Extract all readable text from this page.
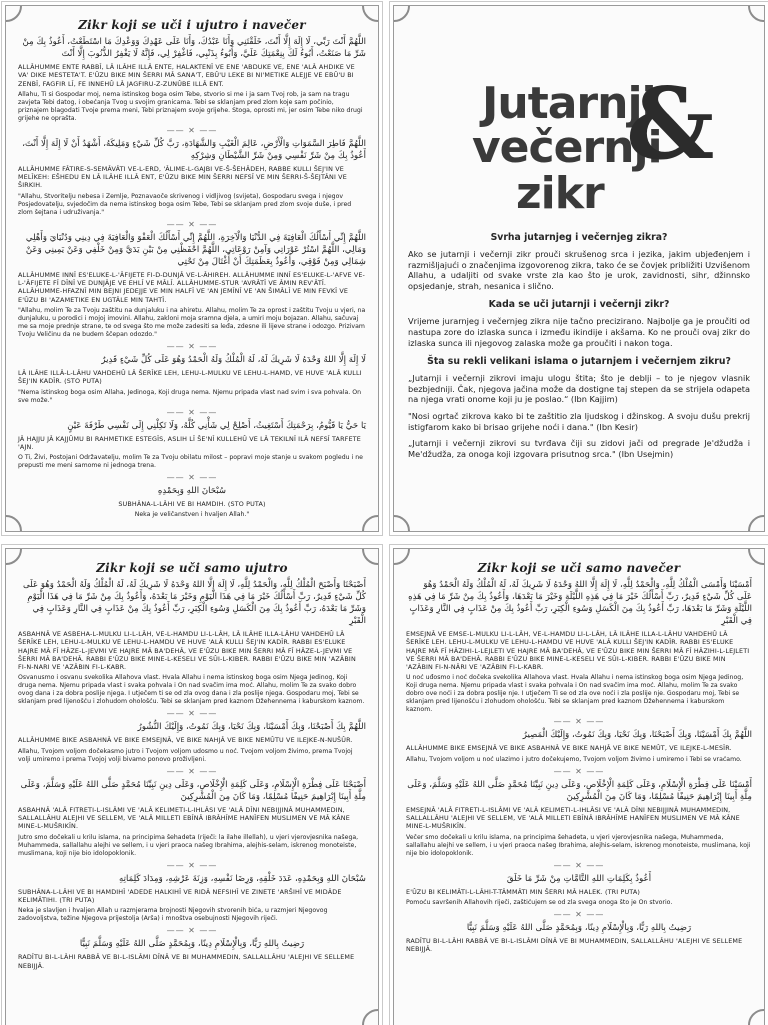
Zikr koji se uči i ujutro i navečer
اللَّهُمَّ أَنْتَ رَبِّي، لَا إِلَهَ إِلَّا أَنْتَ، خَلَقْتَنِي وَأَنَا عَبْدُكَ، وَأَنَا عَلَى عَهْدِكَ وَوَعْدِكَ مَا اسْتَطَعْتُ، أَعُوذُ بِكَ مِنْ شَرِّ مَا صَنَعْتُ، أَبُوءُ لَكَ بِنِعْمَتِكَ عَلَيَّ، وَأَبُوءُ بِذَنْبِي، فَاغْفِرْ لِي، فَإِنَّهُ لَا يَغْفِرُ الذُّنُوبَ إِلَّا أَنْتَ
ALLÂHUMME ENTE RABBÎ, LÂ ILÂHE ILLÂ ENTE, HALAKTENÎ VE ENE 'ABDUKE VE, ENE 'ALÂ AHDIKE VE VA' DIKE MESTETA'T. E'ÛZU BIKE MIN ŠERRI MÂ SANA'T, EBÛ'U LEKE BI NI'METIKE ALEJJE VE EBÛ'U BI ZENBÎ, FAGFIR LÎ, FE INNEHÛ LÂ JAGFIRU-Z-ZUNÛBE ILLÂ ENT.
Allahu, Ti si Gospodar moj, nema istinskog boga osim Tebe, stvorio si me i ja sam Tvoj rob, ja sam na tragu zavjeta Tebi datog, i obećanja Tvog u svojim granicama. Tebi se sklanjam pred zlom koje sam počinio, priznajem blagodati Tvoje prema meni, Tebi priznajem svoje grijehe. Stoga, oprosti mi, jer osim Tebe niko drugi grijehe ne oprašta.
—— ✕ ——
اللَّهُمَّ فَاطِرَ السَّمَوَاتِ وَالْأَرْضِ، عَالِمَ الْغَيْبِ وَالشَّهَادَةِ، رَبَّ كُلِّ شَيْءٍ وَمَلِيكَهُ، أَشْهَدُ أَنْ لَا إِلَهَ إِلَّا أَنْتَ، أَعُوذُ بِكَ مِنْ شَرِّ نَفْسِي وَمِنْ شَرِّ الشَّيْطَانِ وَشِرْكِهِ
ALLÂHUMME FÂTIRE-S-SEMÂVÂTI VE-L-ERD, 'ÂLIME-L-GAJBI VE-Š-ŠEHÂDEH, RABBE KULLI ŠEJ'IN VE MELÎKEH: EŠHEDU EN LÂ ILÂHE ILLÂ ENT, E'ÛZU BIKE MIN ŠERRI NEFSÎ VE MIN ŠERRI-Š-ŠEJTÂNI VE ŠIRKIH.
"Allahu, Stvoritelju nebesa i Zemlje, Poznavaoče skrivenog i vidljivog (svijeta), Gospodaru svega i njegov Posjedovatelju, svjedočim da nema istinskog boga osim Tebe, Tebi se sklanjam pred zlom svoje duše, i pred zlom šejtana i udruživanja."
—— ✕ ——
اللَّهُمَّ إِنِّي أَسْأَلُكَ الْعَافِيَةَ فِي الدُّنْيَا وَالْآخِرَةِ، اللَّهُمَّ إِنِّي أَسْأَلُكَ الْعَفْوَ وَالْعَافِيَةَ فِي دِينِي وَدُنْيَايَ وَأَهْلِي وَمَالِي، اللَّهُمَّ اسْتُرْ عَوْرَاتِي وَآمِنْ رَوْعَاتِي، اللَّهُمَّ احْفَظْنِي مِنْ بَيْنِ يَدَيَّ وَمِنْ خَلْفِي وَعَنْ يَمِينِي وَعَنْ شِمَالِي وَمِنْ فَوْقِي، وَأَعُوذُ بِعَظَمَتِكَ أَنْ أُغْتَالَ مِنْ تَحْتِي
ALLÂHUMME INNÎ ES'ELUKE-L-'ÂFIJETE FI-D-DUNJÂ VE-L-ÂHIREH. ALLÂHUMME INNÎ ES'ELUKE-L-'AFVE VE-L-'ÂFIJETE FÎ DÎNÎ VE DUNJÂJE VE EHLÎ VE MÂLÎ. ALLÂHUMME-STUR 'AVRÂTÎ VE ÂMIN REV'ÂTÎ. ALLÂHUMME-HFAZNÎ MIN BEJNI JEDEJJE VE MIN HALFÎ VE 'AN JEMÎNÎ VE 'AN ŠIMÂLÎ VE MIN FEVKÎ VE E'ÛZU BI 'AZAMETIKE EN UGTÂLE MIN TAHTÎ.
"Allahu, molim Te za Tvoju zaštitu na dunjaluku i na ahiretu. Allahu, molim Te za oprost i zaštitu Tvoju u vjeri, na dunjaluku, u porodici i mojoj imovini. Allahu, zakloni moja sramna djela, a umiri moju bojazan. Allahu, sačuvaj me sa moje prednje strane, te od svega što me može zadesiti sa leđa, zdesne ili lijeve strane i odozgo. Prizivam Tvoju Veličinu da ne budem ščepan odozdo."
—— ✕ ——
لَا إِلَهَ إِلَّا اللهُ وَحْدَهُ لَا شَرِيكَ لَهُ، لَهُ الْمُلْكُ وَلَهُ الْحَمْدُ وَهُوَ عَلَى كُلِّ شَيْءٍ قَدِيرٌ
LÂ ILÂHE ILLÂ-L-LÂHU VAHDEHÛ LÂ ŠERÎKE LEH, LEHU-L-MULKU VE LEHU-L-HAMD, VE HUVE 'ALÂ KULLI ŠEJ'IN KADÎR. (STO PUTA)
"Nema istinskog boga osim Allaha, Jedinoga, Koji druga nema. Njemu pripada vlast nad svim i sva pohvala. On sve može."
—— ✕ ——
يَا حَيُّ يَا قَيُّومُ، بِرَحْمَتِكَ أَسْتَغِيثُ، أَصْلِحْ لِي شَأْنِي كُلَّهُ، وَلَا تَكِلْنِي إِلَى نَفْسِي طَرْفَةَ عَيْنٍ
JÂ HAJJU JÂ KAJJÛMU BI RAHMETIKE ESTEGÎS, ASLIH LÎ ŠE'NÎ KULLEHÛ VE LÂ TEKILNÎ ILÂ NEFSÎ TARFETE 'AJN.
O Ti, Živi, Postojani Održavatelju, molim Te za Tvoju obilatu milost – popravi moje stanje u svakom pogledu i ne prepusti me meni samome ni jednoga trena.
—— ✕ ——
سُبْحَانَ اللهِ وَبِحَمْدِهِ
SUBHÂNA-L-LÂHI VE BI HAMDIH. (STO PUTA)
Neka je veličanstven i hvaljen Allah."
Jutarnji
večernji
zikr
&
Svrha jutarnjeg i večernjeg zikra?
Ako se jutarnji i večernji zikr prouči skrušenog srca i jezika, jakim ubjeđenjem i razmišljajući o značenjima izgovorenog zikra, tako će se čovjek približiti Uzvišenom Allahu, a udaljiti od svake vrste zla kao što je urok, zavidnosti, sihr, džinnsko opsjedanje, strah, nesanica i slično.
Kada se uči jutarnji i večernji zikr?
Vrijeme jurarnjeg i večernjeg zikra nije tačno precizirano. Najbolje ga je proučiti od nastupa zore do izlaska sunca i između ikindije i akšama. Ko ne prouči ovaj zikr do izlaska sunca ili njegovog zalaska može ga proučiti i nakon toga.
Šta su rekli velikani islama o jutarnjem i večernjem zikru?
„Jutarnji i večernji zikrovi imaju ulogu štita; što je deblji – to je njegov vlasnik bezbjedniji. Čak, njegova jačina može da dostigne taj stepen da se strijela odapeta na njega vrati onome koji ju je poslao.“ (Ibn Kajjim)
"Nosi ogrtač zikrova kako bi te zaštitio zla ljudskog i džinskog. A svoju dušu prekrij istigfarom kako bi brisao grijehe noći i dana." (Ibn Kesir)
„Jutarnji i večernji zikrovi su tvrđava čiji su zidovi jači od pregrade Je'džudža i Me'džudža, za onoga koji izgovara prisutnog srca." (Ibn Usejmin)
Zikr koji se uči samo ujutro
أَصْبَحْنَا وَأَصْبَحَ الْمُلْكُ لِلَّهِ، وَالْحَمْدُ لِلَّهِ، لَا إِلَهَ إِلَّا اللهُ وَحْدَهُ لَا شَرِيكَ لَهُ، لَهُ الْمُلْكُ وَلَهُ الْحَمْدُ وَهُوَ عَلَى كُلِّ شَيْءٍ قَدِيرٌ، رَبِّ أَسْأَلُكَ خَيْرَ مَا فِي هَذَا الْيَوْمِ وَخَيْرَ مَا بَعْدَهُ، وَأَعُوذُ بِكَ مِنْ شَرِّ مَا فِي هَذَا الْيَوْمِ وَشَرِّ مَا بَعْدَهُ، رَبِّ أَعُوذُ بِكَ مِنَ الْكَسَلِ وَسُوءِ الْكِبَرِ، رَبِّ أَعُوذُ بِكَ مِنْ عَذَابٍ فِي النَّارِ وَعَذَابٍ فِي الْقَبْرِ
ASBAHNÂ VE ASBEHA-L-MULKU LI-L-LÂH, VE-L-HAMDU LI-L-LÂH, LÂ ILÂHE ILLA-LÂHU VAHDEHÛ LÂ ŠERÎKE LEH, LEHU-L-MULKU VE LEHU-L-HAMDU VE HUVE 'ALÂ KULLI ŠEJ'IN KADÎR. RABBI ES'ELUKE HAJRE MÂ FÎ HÂZE-L-JEVMI VE HAJRE MÂ BA'DEHÂ, VE E'ÛZU BIKE MIN ŠERRI MÂ FÎ HÂZE-L-JEVMI VE ŠERRI MÂ BA'DEHÂ. RABBI E'ÛZU BIKE MINE-L-KESELI VE SÛI-L-KIBER. RABBI E'ÛZU BIKE MIN 'AZÂBIN FI-N-NARI VE 'AZÂBIN FI-L-KABR.
Osvanusmo i osvanu svekolika Allahova vlast. Hvala Allahu i nema istinskog boga osim Njega Jedinog, Koji druga nema. Njemu pripada vlast i svaka pohvala i On nad svačim ima moć. Allahu, molim Te za svako dobro ovog dana i za dobra poslije njega. I utječem ti se od zla ovog dana i zla poslije njega. Gospodaru moj, Tebi se sklanjam pred lijenošću i zlohudom ohološću. Tebi se sklanjam pred kaznom Džehennema i kaburskom kaznom.
—— ✕ ——
اللَّهُمَّ بِكَ أَصْبَحْنَا، وَبِكَ أَمْسَيْنَا، وَبِكَ نَحْيَا، وَبِكَ نَمُوتُ، وَإِلَيْكَ النُّشُورُ
ALLÂHUMME BIKE ASBAHNÂ VE BIKE EMSEJNÂ, VE BIKE NAHJÂ VE BIKE NEMÛTU VE ILEJKE-N-NUŠÛR.
Allahu, Tvojom voljom dočekasmo jutro i Tvojom voljom udosmo u noć. Tvojom voljom živimo, prema Tvojoj volji umiremo i prema Tvojoj volji bivamo ponovo proživljeni.
—— ✕ ——
أَصْبَحْنَا عَلَى فِطْرَةِ الْإِسْلَامِ، وَعَلَى كَلِمَةِ الْإِخْلَاصِ، وَعَلَى دِينِ نَبِيِّنَا مُحَمَّدٍ صَلَّى اللهُ عَلَيْهِ وَسَلَّمَ، وَعَلَى مِلَّةِ أَبِينَا إِبْرَاهِيمَ حَنِيفًا مُسْلِمًا، وَمَا كَانَ مِنَ الْمُشْرِكِينَ
ASBAHNÂ 'ALÂ FITRETI-L-ISLÂMI VE 'ALÂ KELIMETI-L-IHLÂSI VE 'ALÂ DÎNI NEBIJJINÂ MUHAMMEDIN, SALLALLÂHU ALEJHI VE SELLEM, VE 'ALÂ MILLETI EBÎNÂ IBRÂHÎME HANÎFEN MUSLIMEN VE MÂ KÂNE MINE-L-MUŠRIKÎN.
Jutro smo dočekali u krilu islama, na principima šehadeta (riječi: la ilahe illellah), u vjeri vjerovjesnika našega, Muhammeda, sallallahu alejhi ve sellem, i u vjeri praoca našeg Ibrahima, alejhis-selam, iskrenog monoteiste, muslimana, koji nije bio idolopoklonik.
—— ✕ ——
سُبْحَانَ اللهِ وَبِحَمْدِهِ، عَدَدَ خَلْقِهِ، وَرِضَا نَفْسِهِ، وَزِنَةَ عَرْشِهِ، وَمِدَادَ كَلِمَاتِهِ
SUBHÂNA-L-LÂHI VE BI HAMDIHÎ 'ADEDE HALKIHÎ VE RIDÂ NEFSIHÎ VE ZINETE 'ARŠIHÎ VE MIDÂDE KELIMÂTIHI. (TRI PUTA)
Neka je slavljen i hvaljen Allah u razmjerama brojnosti Njegovih stvorenih bića, u razmjeri Njegovog zadovoljstva, težine Njegova prijestolja (Arša) i mnoštva osebujnosti Njegovih riječi.
—— ✕ ——
رَضِيتُ بِاللهِ رَبًّا، وَبِالْإِسْلَامِ دِينًا، وَبِمُحَمَّدٍ صَلَّى اللهُ عَلَيْهِ وَسَلَّمَ نَبِيًّا
RADÎTU BI-L-LÂHI RABBÂ VE BI-L-ISLÂMI DÎNÂ VE BI MUHAMMEDIN, SALLALLÂHU 'ALEJHI VE SELLEME NEBIJJÂ.
Zikr koji se uči samo navečer
أَمْسَيْنَا وَأَمْسَى الْمُلْكُ لِلَّهِ، وَالْحَمْدُ لِلَّهِ، لَا إِلَهَ إِلَّا اللهُ وَحْدَهُ لَا شَرِيكَ لَهُ، لَهُ الْمُلْكُ وَلَهُ الْحَمْدُ وَهُوَ عَلَى كُلِّ شَيْءٍ قَدِيرٌ، رَبِّ أَسْأَلُكَ خَيْرَ مَا فِي هَذِهِ اللَّيْلَةِ وَخَيْرَ مَا بَعْدَهَا، وَأَعُوذُ بِكَ مِنْ شَرِّ مَا فِي هَذِهِ اللَّيْلَةِ وَشَرِّ مَا بَعْدَهَا، رَبِّ أَعُوذُ بِكَ مِنَ الْكَسَلِ وَسُوءِ الْكِبَرِ، رَبِّ أَعُوذُ بِكَ مِنْ عَذَابٍ فِي النَّارِ وَعَذَابٍ فِي الْقَبْرِ
EMSEJNÂ VE EMSE-L-MULKU LI-L-LÂH, VE-L-HAMDU LI-L-LÂH, LÂ ILÂHE ILLA-L-LÂHU VAHDEHÛ LÂ ŠERÎKE LEH. LEHU-L-MULKU VE LEHU-L-HAMDU VE HUVE 'ALÂ KULLI ŠEJ'IN KADÎR. RABBI ES'ELUKE HAJRE MÂ FÎ HÂZIHI-L-LEJLETI VE HAJRE MÂ BA'DEHÂ, VE E'ÛZU BIKE MIN ŠERRI MÂ FÎ HÂZIHI-L-LEJLETI VE ŠERRI MÂ BA'DEHÂ. RABBI E'ÛZU BIKE MINE-L-KESELI VE SÛI-L-KIBER. RABBI E'ÛZU BIKE MIN 'AZÂBIN FI-N-NÂRI VE 'AZÂBIN FI-L-KABR.
U noć uđosmo i noć dočeka svekolika Allahova vlast. Hvala Allahu i nema istinskog boga osim Njega Jedinog, Koji druga nema. Njemu pripada vlast i svaka pohvala i On nad svačim ima moć. Allahu, molim Te za svako dobro ove noći i za dobra poslije nje. I utječem Ti se od zla ove noći i zla poslije nje. Gospodaru moj, Tebi se sklanjam pred lijenošću i zlohudom ohološću. Tebi se sklanjam pred kaznom Džehennema i kaburskom kaznom.
—— ✕ ——
اللَّهُمَّ بِكَ أَمْسَيْنَا، وَبِكَ أَصْبَحْنَا، وَبِكَ نَحْيَا، وَبِكَ نَمُوتُ، وَإِلَيْكَ الْمَصِيرُ
ALLÂHUMME BIKE EMSEJNÂ VE BIKE ASBAHNÂ VE BIKE NAHJÂ VE BIKE NEMÛT, VE ILEJKE-L-MESÎR.
Allahu, Tvojom voljom u noć ulazimo i jutro dočekujemo, Tvojom voljom živimo i umiremo i Tebi se vraćamo.
—— ✕ ——
أَمْسَيْنَا عَلَى فِطْرَةِ الْإِسْلَامِ، وَعَلَى كَلِمَةِ الْإِخْلَاصِ، وَعَلَى دِينِ نَبِيِّنَا مُحَمَّدٍ صَلَّى اللهُ عَلَيْهِ وَسَلَّمَ، وَعَلَى مِلَّةِ أَبِينَا إِبْرَاهِيمَ حَنِيفًا مُسْلِمًا، وَمَا كَانَ مِنَ الْمُشْرِكِينَ
EMSEJNÂ 'ALÂ FITRETI-L-ISLÂMI VE 'ALÂ KELIMETI-L-IHLÂSI VE 'ALÂ DÎNI NEBIJJINÂ MUHAMMEDIN, SALLALLÂHU 'ALEJHI VE SELLEM, VE 'ALÂ MILLETI EBÎNÂ IBRÂHÎME HANÎFEN MUSLIMEN VE MÂ KÂNE MINE-L-MUŠRIKÎN.
Večer smo dočekali u krilu islama, na principima šehadeta, u vjeri vjerovjesnika našega, Muhammeda, sallallahu alejhi ve sellem, i u vjeri praoca našeg Ibrahima, alejhis-selam, iskrenog monoteiste, muslimana, koji nije bio idolopoklonik.
—— ✕ ——
أَعُوذُ بِكَلِمَاتِ اللهِ التَّامَّاتِ مِنْ شَرِّ مَا خَلَقَ
E'ÛZU BI KELIMÂTI-L-LÂHI-T-TÂMMÂTI MIN ŠERRI MÂ HALEK. (TRI PUTA)
Pomoću savršenih Allahovih riječi, zaštićujem se od zla svega onoga što je On stvorio.
—— ✕ ——
رَضِيتُ بِاللهِ رَبًّا، وَبِالْإِسْلَامِ دِينًا، وَبِمُحَمَّدٍ صَلَّى اللهُ عَلَيْهِ وَسَلَّمَ نَبِيًّا
RADÎTU BI-L-LÂHI RABBÂ VE BI-L-ISLÂMI DÎNÂ VE BI MUHAMMEDIN, SALLALLÂHU 'ALEJHI VE SELLEME NEBIJJÂ.
